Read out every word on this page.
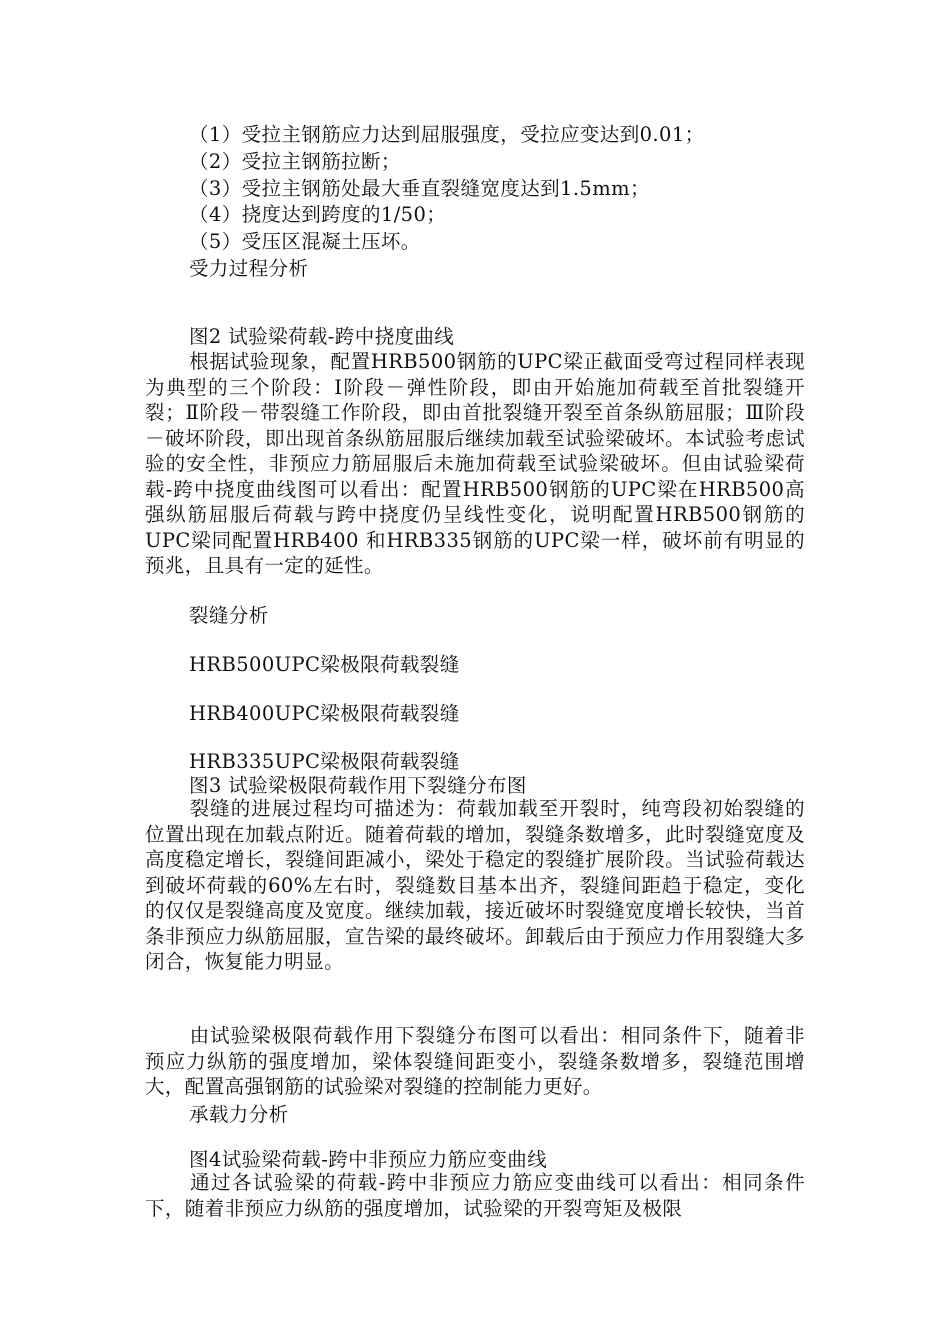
（1）受拉主钢筋应力达到屈服强度，受拉应变达到0.01；
（2）受拉主钢筋拉断；
（3）受拉主钢筋处最大垂直裂缝宽度达到1.5mm；
（4）挠度达到跨度的1/50；
（5）受压区混凝土压坏。
受力过程分析
图2 试验梁荷载-跨中挠度曲线
根据试验现象，配置HRB500钢筋的UPC梁正截面受弯过程同样表现为典型的三个阶段：Ⅰ阶段－弹性阶段，即由开始施加荷载至首批裂缝开裂；Ⅱ阶段－带裂缝工作阶段，即由首批裂缝开裂至首条纵筋屈服；Ⅲ阶段－破坏阶段，即出现首条纵筋屈服后继续加载至试验梁破坏。本试验考虑试验的安全性，非预应力筋屈服后未施加荷载至试验梁破坏。但由试验梁荷载-跨中挠度曲线图可以看出：配置HRB500钢筋的UPC梁在HRB500高强纵筋屈服后荷载与跨中挠度仍呈线性变化，说明配置HRB500钢筋的UPC梁同配置HRB400 和HRB335钢筋的UPC梁一样，破坏前有明显的预兆，且具有一定的延性。
裂缝分析
HRB500UPC梁极限荷载裂缝
HRB400UPC梁极限荷载裂缝
HRB335UPC梁极限荷载裂缝
图3 试验梁极限荷载作用下裂缝分布图
裂缝的进展过程均可描述为：荷载加载至开裂时，纯弯段初始裂缝的位置出现在加载点附近。随着荷载的增加，裂缝条数增多，此时裂缝宽度及高度稳定增长，裂缝间距减小，梁处于稳定的裂缝扩展阶段。当试验荷载达到破坏荷载的60%左右时，裂缝数目基本出齐，裂缝间距趋于稳定，变化的仅仅是裂缝高度及宽度。继续加载，接近破坏时裂缝宽度增长较快，当首条非预应力纵筋屈服，宣告梁的最终破坏。卸载后由于预应力作用裂缝大多闭合，恢复能力明显。
由试验梁极限荷载作用下裂缝分布图可以看出：相同条件下，随着非预应力纵筋的强度增加，梁体裂缝间距变小，裂缝条数增多，裂缝范围增大，配置高强钢筋的试验梁对裂缝的控制能力更好。
承载力分析
图4试验梁荷载-跨中非预应力筋应变曲线
通过各试验梁的荷载-跨中非预应力筋应变曲线可以看出：相同条件下，随着非预应力纵筋的强度增加，试验梁的开裂弯矩及极限
